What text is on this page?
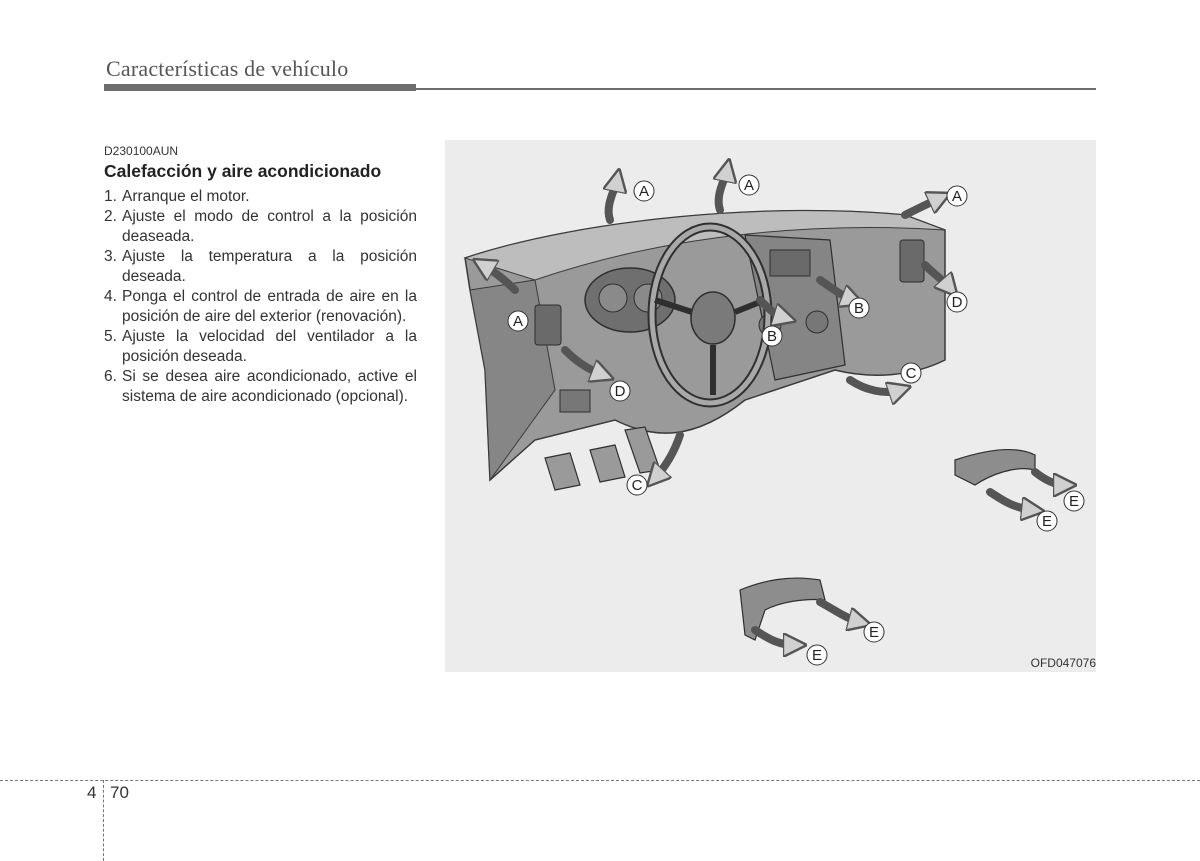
Características de vehículo
D230100AUN
Calefacción y aire acondicionado
1. Arranque el motor.
2. Ajuste el modo de control a la posición deaseada.
3. Ajuste la temperatura a la posición deseada.
4. Ponga el control de entrada de aire en la posición de aire del exterior (renovación).
5. Ajuste la velocidad del ventilador a la posición deseada.
6. Si se desea aire acondicionado, active el sistema de aire acondicionado (opcional).
A	A
A
A
B
B
C
C
D
D
E
E
E
E	OFD047076
4 70
